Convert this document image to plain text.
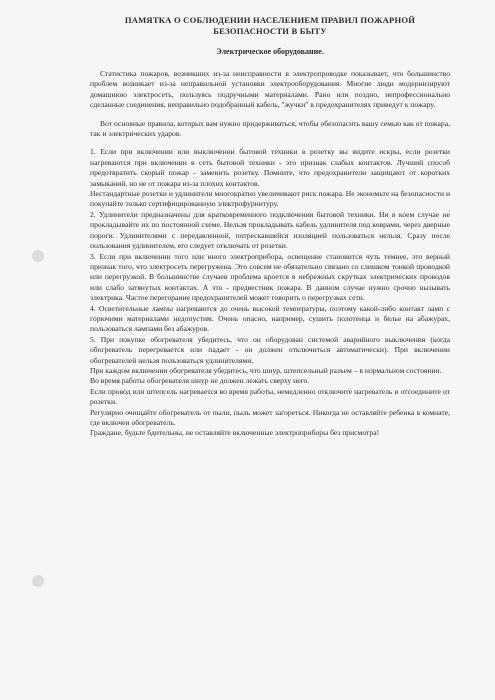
ПАМЯТКА О СОБЛЮДЕНИИ НАСЕЛЕНИЕМ ПРАВИЛ ПОЖАРНОЙ
БЕЗОПАСНОСТИ В БЫТУ
Электрическое оборудование.

Статистика пожаров, возникших из-за неисправности в электропроводке показывает, что большинство проблем возникает из-за неправильной установки электрооборудования. Многие люди модернизируют домашнюю электросеть, пользуясь подручными материалами. Рано или поздно, непрофессионально сделанные соединения, неправильно подобранный кабель, "жучки" в предохранителях приведут к пожару.

Вот основные правила, которых вам нужно придерживаться, чтобы обезопасить вашу семью как от пожара, так и электрических ударов.

1. Если при включении или выключении бытовой техники в розетку вы видите искры, если розетки нагреваются при включении в сеть бытовой техники - это признак слабых контактов. Лучший способ предотвратить скорый пожар - заменить розетку. Помните, что предохранители защищают от коротких замыканий, но не от пожара из-за плохих контактов.

Нестандартные розетки и удлинители многократно увеличивают риск пожара. Не экономьте на безопасности и покупайте только сертифицированную электрофурнитуру.

2. Удлинители предназначены для кратковременного подключения бытовой техники. Ни в коем случае не прокладывайте их по постоянной схеме. Нельзя прокладывать кабель удлинителя под коврами, через дверные пороги. Удлинителями с передавленной, потрескавшейся изоляцией пользоваться нельзя. Сразу после пользования удлинителем, его следует отключать от розетки.

3. Если при включении того или иного электроприбора, освещение становится чуть темнее, это верный признак того, что электросеть перегружена. Это совсем не обязательно связано со слишком тонкой проводкой или перегрузкой. В большинстве случаев проблема кроется в небрежных скрутках электрических проводов или слабо затянутых контактах. А это - предвестник пожара. В данном случае нужно срочно вызывать электрика. Частое перегорание предохранителей может говорить о перегрузках сети.

4. Осветительные лампы нагреваются до очень высокой температуры, поэтому какой-либо контакт ламп с горючими материалами недопустим. Очень опасно, например, сушить полотенца и белье на абажурах, пользоваться лампами без абажуров.

5. При покупке обогревателя убедитесь, что он оборудован системой аварийного выключения (когда обогреватель перегревается или падает - он должен отключиться автоматически). При включении обогревателей нельзя пользоваться удлинителями.

При каждом включении обогревателя убедитесь, что шнур, штепсельный разъем – в нормальном состоянии.

Во время работы обогревателя шнур не должен лежать сверху него.

Если провод или штепсель нагревается во время работы, немедленно отключите нагреватель и отсоедините от розетки.

Регулярно очищайте обогреватель от пыли, пыль может загореться. Никогда не оставляйте ребенка в комнате, где включен обогреватель.

Граждане, будьте бдительны, не оставляйте включенные электроприборы без присмотра!
